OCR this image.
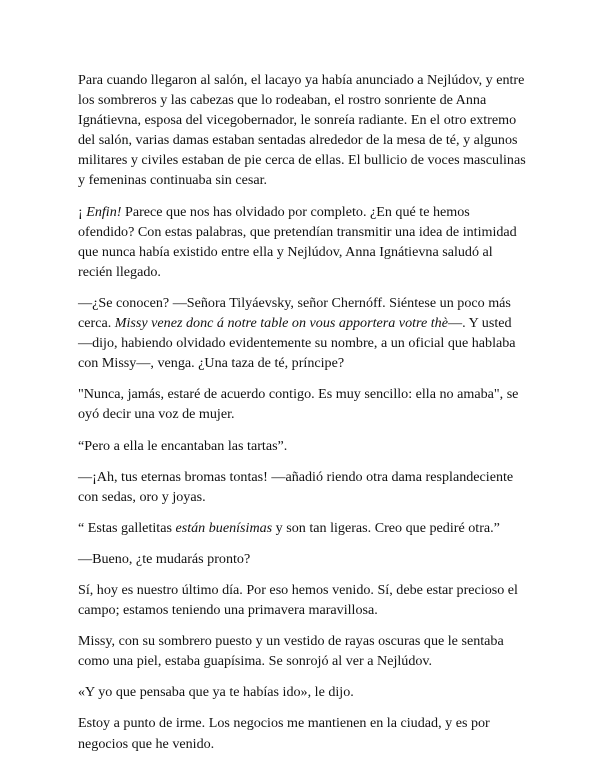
Para cuando llegaron al salón, el lacayo ya había anunciado a Nejlúdov, y entre los sombreros y las cabezas que lo rodeaban, el rostro sonriente de Anna Ignátievna, esposa del vicegobernador, le sonreía radiante. En el otro extremo del salón, varias damas estaban sentadas alrededor de la mesa de té, y algunos militares y civiles estaban de pie cerca de ellas. El bullicio de voces masculinas y femeninas continuaba sin cesar.

¡ Enfin! Parece que nos has olvidado por completo. ¿En qué te hemos ofendido? Con estas palabras, que pretendían transmitir una idea de intimidad que nunca había existido entre ella y Nejlúdov, Anna Ignátievna saludó al recién llegado.

—¿Se conocen? —Señora Tilyáevsky, señor Chernóff. Siéntese un poco más cerca. Missy venez donc á notre table on vous apportera votre thè—. Y usted —dijo, habiendo olvidado evidentemente su nombre, a un oficial que hablaba con Missy—, venga. ¿Una taza de té, príncipe?

"Nunca, jamás, estaré de acuerdo contigo. Es muy sencillo: ella no amaba", se oyó decir una voz de mujer.

“Pero a ella le encantaban las tartas”.

—¡Ah, tus eternas bromas tontas! —añadió riendo otra dama resplandeciente con sedas, oro y joyas.

“ Estas galletitas están buenísimas y son tan ligeras. Creo que pediré otra.”

—Bueno, ¿te mudarás pronto?

Sí, hoy es nuestro último día. Por eso hemos venido. Sí, debe estar precioso el campo; estamos teniendo una primavera maravillosa.

Missy, con su sombrero puesto y un vestido de rayas oscuras que le sentaba como una piel, estaba guapísima. Se sonrojó al ver a Nejlúdov.

«Y yo que pensaba que ya te habías ido», le dijo.

Estoy a punto de irme. Los negocios me mantienen en la ciudad, y es por negocios que he venido.
